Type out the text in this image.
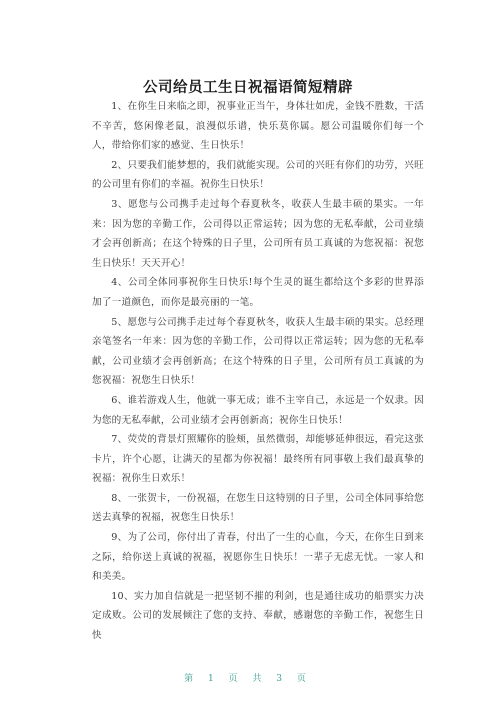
公司给员工生日祝福语简短精辟

1、在你生日来临之即，祝事业正当午，身体壮如虎，金钱不胜数，干活不辛苦，悠闲像老鼠，浪漫似乐谱，快乐莫你属。愿公司温暖你们每一个人，带给你们家的感觉、生日快乐！

2、只要我们能梦想的，我们就能实现。公司的兴旺有你们的功劳，兴旺的公司里有你们的幸福。祝你生日快乐！

3、愿您与公司携手走过每个春夏秋冬，收获人生最丰硕的果实。一年来：因为您的辛勤工作，公司得以正常运转；因为您的无私奉献，公司业绩才会再创新高；在这个特殊的日子里，公司所有员工真诚的为您祝福：祝您生日快乐！天天开心！

4、公司全体同事祝你生日快乐!每个生灵的诞生都给这个多彩的世界添加了一道颜色，而你是最亮丽的一笔。

5、愿您与公司携手走过每个春夏秋冬，收获人生最丰硕的果实。总经理亲笔签名一年来：因为您的辛勤工作，公司得以正常运转；因为您的无私奉献，公司业绩才会再创新高；在这个特殊的日子里，公司所有员工真诚的为您祝福：祝您生日快乐！

6、谁若游戏人生，他就一事无成；谁不主宰自己，永远是一个奴隶。因为您的无私奉献，公司业绩才会再创新高；祝你生日快乐！

7、荧荧的背景灯照耀你的脸颊，虽然微弱，却能够延伸很远，看完这张卡片，许个心愿，让满天的星都为你祝福！最终所有同事敬上我们最真挚的祝福：祝你生日欢乐！

8、一张贺卡，一份祝福，在您生日这特别的日子里，公司全体同事给您送去真挚的祝福，祝您生日快乐！

9、为了公司，你付出了青春，付出了一生的心血，今天，在你生日到来之际，给你送上真诚的祝福，祝愿你生日快乐！一辈子无虑无忧。一家人和和美美。

10、实力加自信就是一把坚韧不摧的利剑，也是通往成功的船票实力决定成败。公司的发展倾注了您的支持、奉献，感谢您的辛勤工作，祝您生日快

第 1 页 共 3 页
